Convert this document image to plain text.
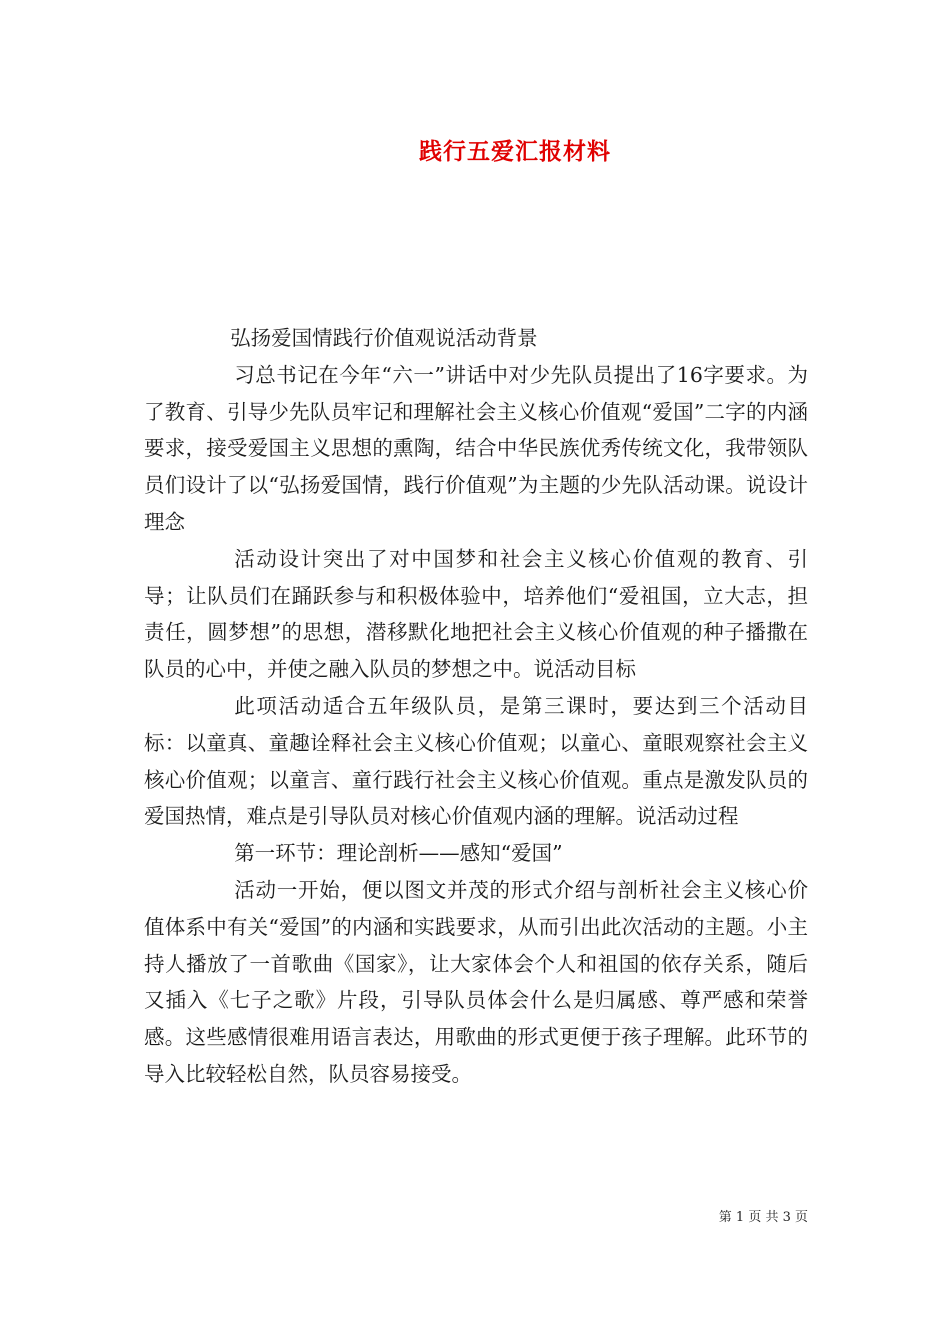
践行五爱汇报材料

弘扬爱国情践行价值观说活动背景

习总书记在今年“六一”讲话中对少先队员提出了16字要求。为了教育、引导少先队员牢记和理解社会主义核心价值观“爱国”二字的内涵要求，接受爱国主义思想的熏陶，结合中华民族优秀传统文化，我带领队员们设计了以“弘扬爱国情，践行价值观”为主题的少先队活动课。说设计理念

活动设计突出了对中国梦和社会主义核心价值观的教育、引导；让队员们在踊跃参与和积极体验中，培养他们“爱祖国，立大志，担责任，圆梦想”的思想，潜移默化地把社会主义核心价值观的种子播撒在队员的心中，并使之融入队员的梦想之中。说活动目标

此项活动适合五年级队员，是第三课时，要达到三个活动目标：以童真、童趣诠释社会主义核心价值观；以童心、童眼观察社会主义核心价值观；以童言、童行践行社会主义核心价值观。重点是激发队员的爱国热情，难点是引导队员对核心价值观内涵的理解。说活动过程

第一环节：理论剖析——感知“爱国”

活动一开始，便以图文并茂的形式介绍与剖析社会主义核心价值体系中有关“爱国”的内涵和实践要求，从而引出此次活动的主题。小主持人播放了一首歌曲《国家》，让大家体会个人和祖国的依存关系，随后又插入《七子之歌》片段，引导队员体会什么是归属感、尊严感和荣誉感。这些感情很难用语言表达，用歌曲的形式更便于孩子理解。此环节的导入比较轻松自然，队员容易接受。

第 1 页 共 3 页
